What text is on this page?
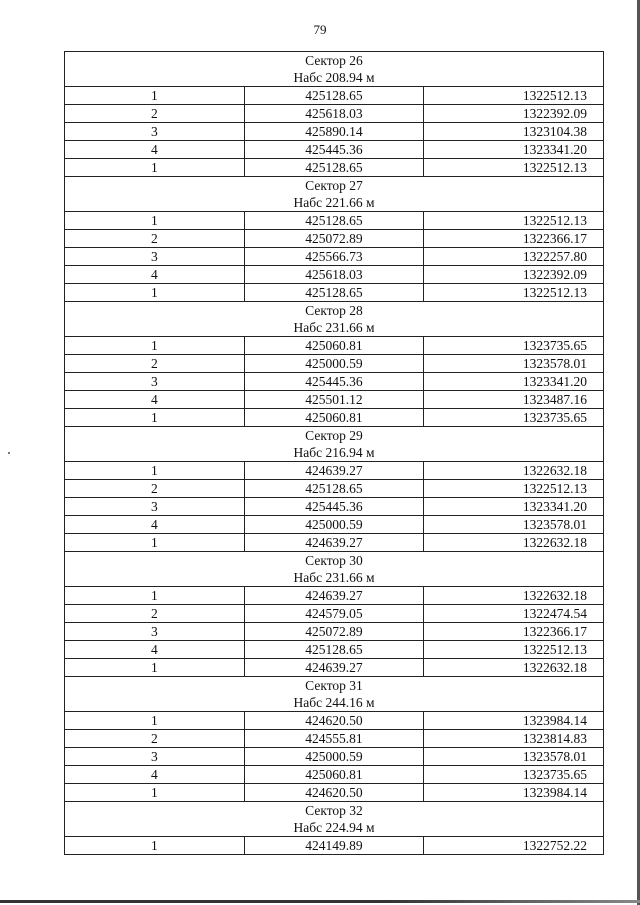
79
Сектор 26
Набс 208.94 м		

1	425128.65	1322512.13
2	425618.03	1322392.09
3	425890.14	1323104.38
4	425445.36	1323341.20
1	425128.65	1322512.13

Сектор 27
Набс 221.66 м		

1	425128.65	1322512.13
2	425072.89	1322366.17
3	425566.73	1322257.80
4	425618.03	1322392.09
1	425128.65	1322512.13

Сектор 28
Набс 231.66 м		

1	425060.81	1323735.65
2	425000.59	1323578.01
3	425445.36	1323341.20
4	425501.12	1323487.16
1	425060.81	1323735.65

Сектор 29
Набс 216.94 м		

1	424639.27	1322632.18
2	425128.65	1322512.13
3	425445.36	1323341.20
4	425000.59	1323578.01
1	424639.27	1322632.18

Сектор 30
Набс 231.66 м		

1	424639.27	1322632.18
2	424579.05	1322474.54
3	425072.89	1322366.17
4	425128.65	1322512.13
1	424639.27	1322632.18

Сектор 31
Набс 244.16 м		

1	424620.50	1323984.14
2	424555.81	1323814.83
3	425000.59	1323578.01
4	425060.81	1323735.65
1	424620.50	1323984.14

Сектор 32
Набс 224.94 м		

1	424149.89	1322752.22
